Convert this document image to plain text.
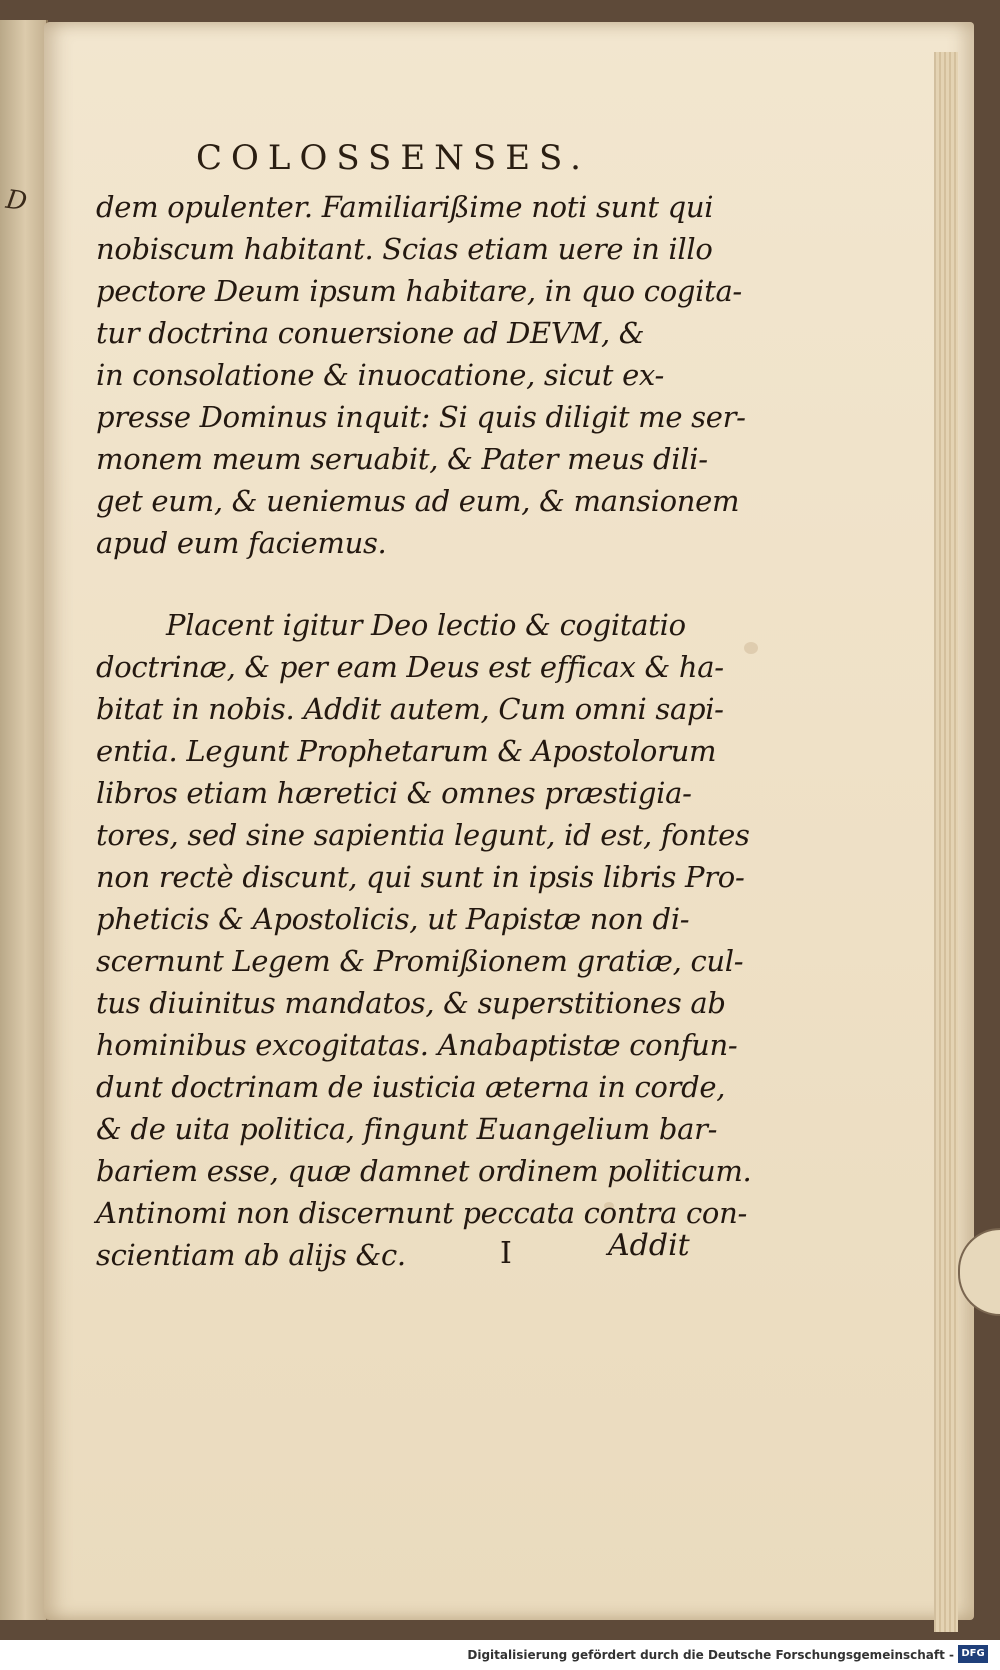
D
COLOSSENSES.
dem opulenter. Familiarißime noti sunt qui
nobiscum habitant. Scias etiam uere in illo
pectore Deum ipsum habitare, in quo cogita-
tur doctrina conuersione ad DEVM, &
in consolatione & inuocatione, sicut ex-
presse Dominus inquit: Si quis diligit me ser-
monem meum seruabit, & Pater meus dili-
get eum, & ueniemus ad eum, & mansionem
apud eum faciemus.
Placent igitur Deo lectio & cogitatio
doctrinæ, & per eam Deus est efficax & ha-
bitat in nobis. Addit autem, Cum omni sapi-
entia. Legunt Prophetarum & Apostolorum
libros etiam hæretici & omnes præstigia-
tores, sed sine sapientia legunt, id est, fontes
non rectè discunt, qui sunt in ipsis libris Pro-
pheticis & Apostolicis, ut Papistæ non di-
scernunt Legem & Promißionem gratiæ, cul-
tus diuinitus mandatos, & superstitiones ab
hominibus excogitatas. Anabaptistæ confun-
dunt doctrinam de iusticia æterna in corde,
& de uita politica, fingunt Euangelium bar-
bariem esse, quæ damnet ordinem politicum.
Antinomi non discernunt peccata contra con-
scientiam ab alijs &c.	I	Addit
Digitalisierung gefördert durch die Deutsche Forschungsgemeinschaft - DFG
